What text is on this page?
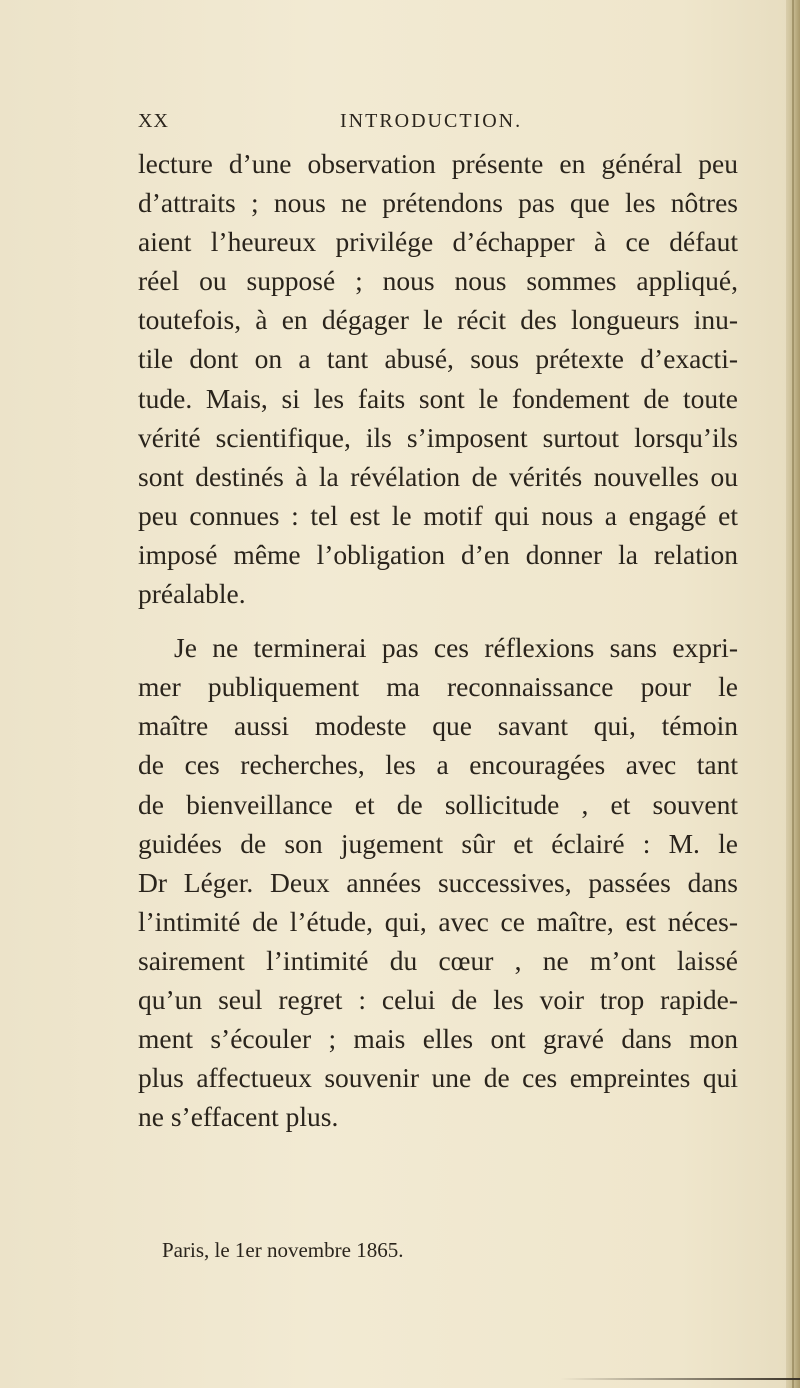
XX	INTRODUCTION.
lecture d’une observation présente en général peu
d’attraits ; nous ne prétendons pas que les nôtres
aient l’heureux privilége d’échapper à ce défaut
réel ou supposé ; nous nous sommes appliqué,
toutefois, à en dégager le récit des longueurs inu-
tile dont on a tant abusé, sous prétexte d’exacti-
tude. Mais, si les faits sont le fondement de toute
vérité scientifique, ils s’imposent surtout lorsqu’ils
sont destinés à la révélation de vérités nouvelles ou
peu connues : tel est le motif qui nous a engagé et
imposé même l’obligation d’en donner la relation
préalable.
Je ne terminerai pas ces réflexions sans expri-
mer publiquement ma reconnaissance pour le
maître aussi modeste que savant qui, témoin
de ces recherches, les a encouragées avec tant
de bienveillance et de sollicitude , et souvent
guidées de son jugement sûr et éclairé : M. le
Dr Léger. Deux années successives, passées dans
l’intimité de l’étude, qui, avec ce maître, est néces-
sairement l’intimité du cœur , ne m’ont laissé
qu’un seul regret : celui de les voir trop rapide-
ment s’écouler ; mais elles ont gravé dans mon
plus affectueux souvenir une de ces empreintes qui
ne s’effacent plus.
Paris, le 1er novembre 1865.
